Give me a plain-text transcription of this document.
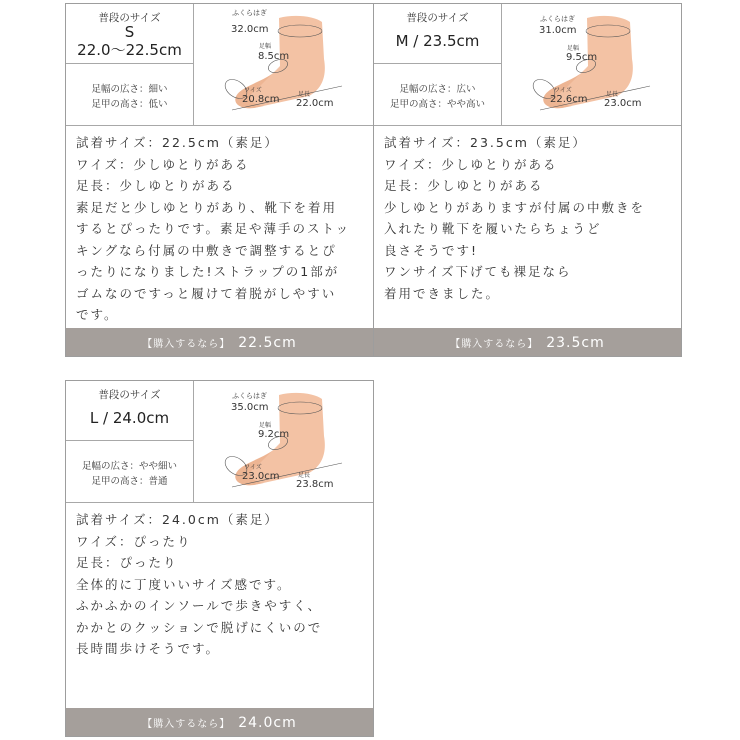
普段のサイズ
S
22.0〜22.5cm
足幅の広さ：細い
足甲の高さ：低い
ふくらはぎ
32.0cm
足幅
8.5cm
ワイズ
20.8cm	足長
22.0cm
試着サイズ：22.5cm（素足）
ワイズ：少しゆとりがある
足長：少しゆとりがある
素足だと少しゆとりがあり、靴下を着用
するとぴったりです。素足や薄手のストッ
キングなら付属の中敷きで調整するとぴ
ったりになりました!ストラップの1部が
ゴムなのですっと履けて着脱がしやすい
です。
【購入するなら】 22.5cm
普段のサイズ
M / 23.5cm
足幅の広さ：広い
足甲の高さ：やや高い
ふくらはぎ
31.0cm
足幅
9.5cm
ワイズ
22.6cm	足長
23.0cm
試着サイズ：23.5cm（素足）
ワイズ：少しゆとりがある
足長：少しゆとりがある
少しゆとりがありますが付属の中敷きを
入れたり靴下を履いたらちょうど
良さそうです!
ワンサイズ下げても裸足なら
着用できました。
【購入するなら】 23.5cm
普段のサイズ
L / 24.0cm
足幅の広さ：やや細い
足甲の高さ：普通
ふくらはぎ
35.0cm
足幅
9.2cm
ワイズ
23.0cm	足長
23.8cm
試着サイズ：24.0cm（素足）
ワイズ：ぴったり
足長：ぴったり
全体的に丁度いいサイズ感です。
ふかふかのインソールで歩きやすく、
かかとのクッションで脱げにくいので
長時間歩けそうです。
【購入するなら】 24.0cm
